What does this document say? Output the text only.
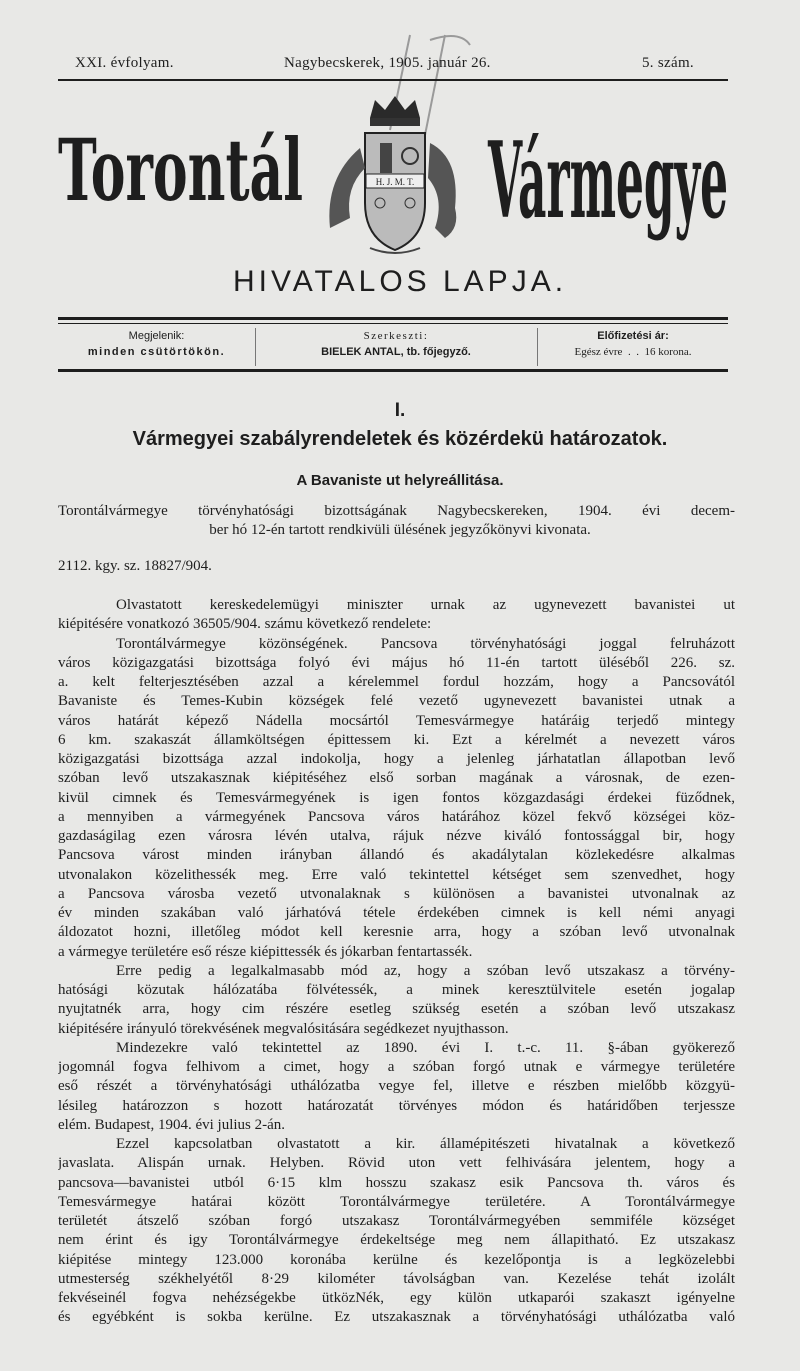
XXI. évfolyam.	Nagybecskerek, 1905. január 26.	5. szám.
Torontál Vármegye
H. J. M. T.
HIVATALOS LAPJA.
Megjelenik:
minden csütörtökön.
Szerkeszti:
BIELEK ANTAL, tb. főjegyző.
Előfizetési ár:
Egész évre  .  .  16 korona.
I.
Vármegyei szabályrendeletek és közérdekü határozatok.
A Bavaniste ut helyreállitása.
Torontálvármegye törvényhatósági bizottságának Nagybecskereken, 1904. évi decem-
ber hó 12-én tartott rendkivüli ülésének jegyzőkönyvi kivonata.
2112. kgy. sz. 18827/904.
Olvastatott kereskedelemügyi miniszter urnak az ugynevezett bavanistei ut
kiépitésére vonatkozó 36505/904. számu következő rendelete:
Torontálvármegye közönségének. Pancsova törvényhatósági joggal felruházott
város közigazgatási bizottsága folyó évi május hó 11-én tartott üléséből 226. sz.
a. kelt felterjesztésében azzal a kérelemmel fordul hozzám, hogy a Pancsovától
Bavaniste és Temes-Kubin községek felé vezető ugynevezett bavanistei utnak a
város határát képező Nádella mocsártól Temesvármegye határáig terjedő mintegy
6 km. szakaszát államköltségen épittessem ki. Ezt a kérelmét a nevezett város
közigazgatási bizottsága azzal indokolja, hogy a jelenleg járhatatlan állapotban levő
szóban levő utszakasznak kiépitéséhez első sorban magának a városnak, de ezen-
kivül cimnek és Temesvármegyének is igen fontos közgazdasági érdekei füződnek,
a mennyiben a vármegyének Pancsova város határához közel fekvő községei köz-
gazdaságilag ezen városra lévén utalva, rájuk nézve kiváló fontossággal bir, hogy
Pancsova várost minden irányban állandó és akadálytalan közlekedésre alkalmas
utvonalakon közelithessék meg. Erre való tekintettel kétséget sem szenvedhet, hogy
a Pancsova városba vezető utvonalaknak s különösen a bavanistei utvonalnak az
év minden szakában való járhatóvá tétele érdekében cimnek is kell némi anyagi
áldozatot hozni, illetőleg módot kell keresnie arra, hogy a szóban levő utvonalnak
a vármegye területére eső része kiépittessék és jókarban fentartassék.
Erre pedig a legalkalmasabb mód az, hogy a szóban levő utszakasz a törvény-
hatósági közutak hálózatába fölvétessék, a minek keresztülvitele esetén jogalap
nyujtatnék arra, hogy cim részére esetleg szükség esetén a szóban levő utszakasz
kiépitésére irányuló törekvésének megvalósitására segédkezet nyujthasson.
Mindezekre való tekintettel az 1890. évi I. t.-c. 11. §-ában gyökerező
jogomnál fogva felhivom a cimet, hogy a szóban forgó utnak e vármegye területére
eső részét a törvényhatósági uthálózatba vegye fel, illetve e részben mielőbb közgyü-
lésileg határozzon s hozott határozatát törvényes módon és határidőben terjessze
elém. Budapest, 1904. évi julius 2-án.
Ezzel kapcsolatban olvastatott a kir. államépitészeti hivatalnak a következő
javaslata. Alispán urnak. Helyben. Rövid uton vett felhivására jelentem, hogy a
pancsova—bavanistei utból 6·15 klm hosszu szakasz esik Pancsova th. város és
Temesvármegye határai között Torontálvármegye területére. A Torontálvármegye
területét átszelő szóban forgó utszakasz Torontálvármegyében semmiféle községet
nem érint és igy Torontálvármegye érdekeltsége meg nem állapitható. Ez utszakasz
kiépitése mintegy 123.000 koronába kerülne és kezelőpontja is a legközelebbi
utmesterség székhelyétől 8·29 kilométer távolságban van. Kezelése tehát izolált
fekvéseinél fogva nehézségekbe ütközNék, egy külön utkaparói szakaszt igényelne
és egyébként is sokba kerülne. Ez utszakasznak a törvényhatósági uthálózatba való
